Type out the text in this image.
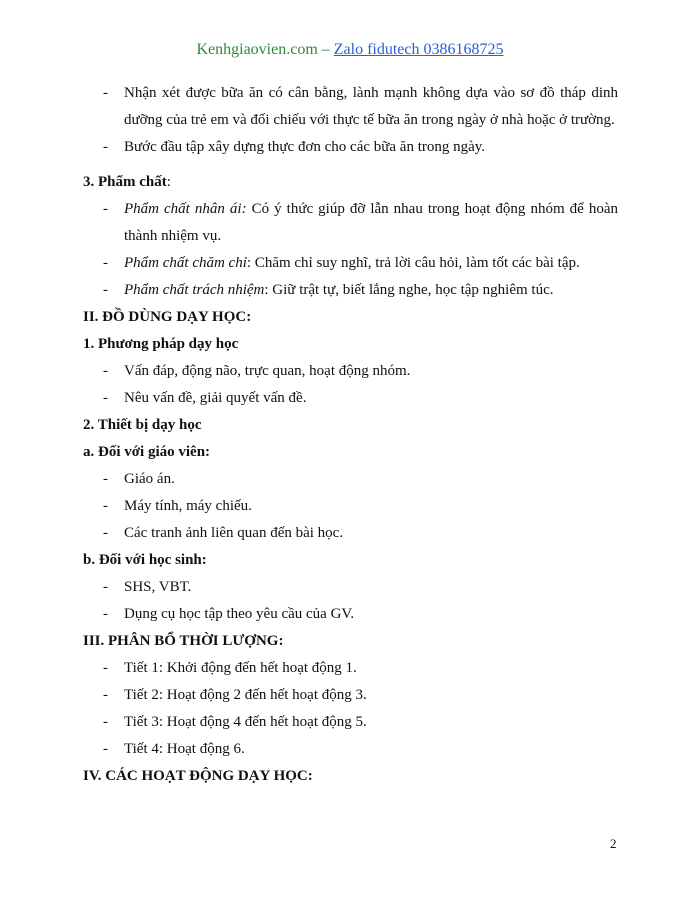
Kenhgiaovien.com – Zalo fidutech 0386168725
- Nhận xét được bữa ăn có cân bằng, lành mạnh không dựa vào sơ đồ tháp dinh
dưỡng của trẻ em và đối chiếu với thực tế bữa ăn trong ngày ở nhà hoặc ở trường.
- Bước đầu tập xây dựng thực đơn cho các bữa ăn trong ngày.
3. Phẩm chất:
- Phẩm chất nhân ái: Có ý thức giúp đỡ lẫn nhau trong hoạt động nhóm để hoàn
thành nhiệm vụ.
- Phẩm chất chăm chỉ: Chăm chỉ suy nghĩ, trả lời câu hỏi, làm tốt các bài tập.
- Phẩm chất trách nhiệm: Giữ trật tự, biết lắng nghe, học tập nghiêm túc.
II. ĐỒ DÙNG DẠY HỌC:
1. Phương pháp dạy học
- Vấn đáp, động não, trực quan, hoạt động nhóm.
- Nêu vấn đề, giải quyết vấn đề.
2. Thiết bị dạy học
a. Đối với giáo viên:
- Giáo án.
- Máy tính, máy chiếu.
- Các tranh ảnh liên quan đến bài học.
b. Đối với học sinh:
- SHS, VBT.
- Dụng cụ học tập theo yêu cầu của GV.
III. PHÂN BỔ THỜI LƯỢNG:
- Tiết 1: Khởi động đến hết hoạt động 1.
- Tiết 2: Hoạt động 2 đến hết hoạt động 3.
- Tiết 3: Hoạt động 4 đến hết hoạt động 5.
- Tiết 4: Hoạt động 6.
IV. CÁC HOẠT ĐỘNG DẠY HỌC:
2
